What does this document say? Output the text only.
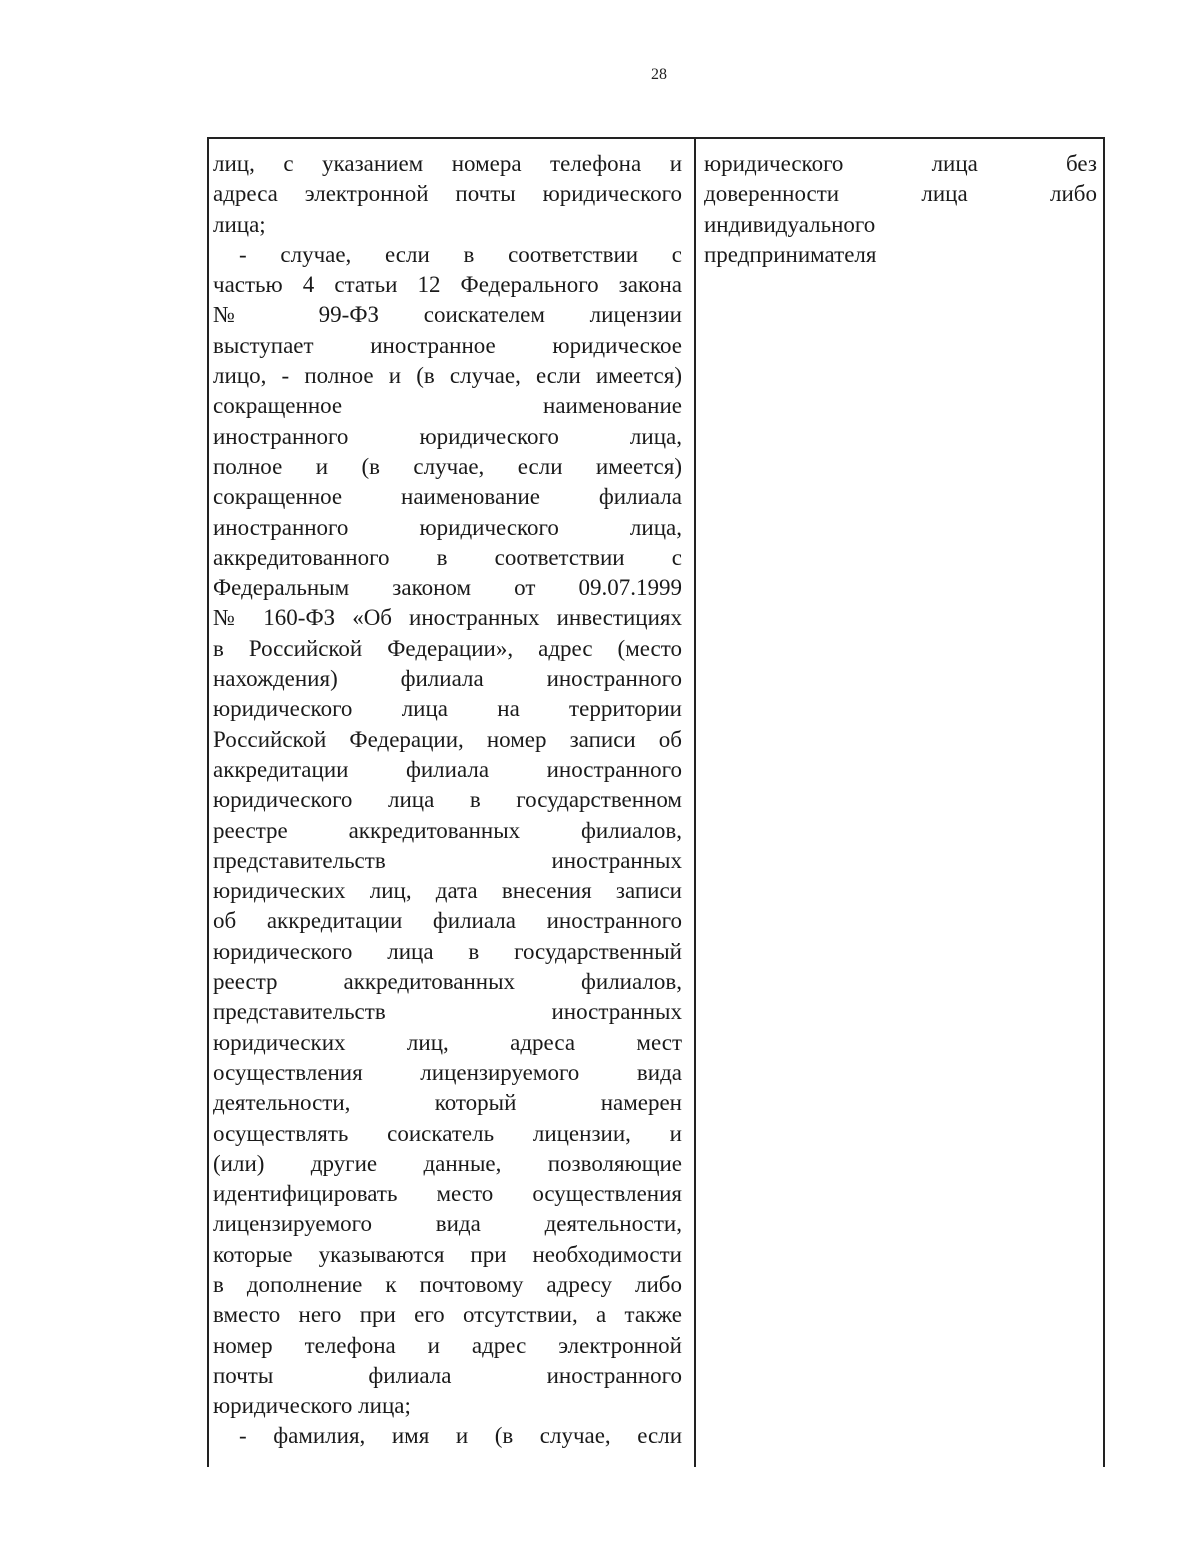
28
лиц, с указанием номера телефона и
адреса электронной почты юридического
лица;
- случае, если в соответствии с
частью 4 статьи 12 Федерального закона
№ 99-ФЗ соискателем лицензии
выступает иностранное юридическое
лицо, - полное и (в случае, если имеется)
сокращенное наименование
иностранного юридического лица,
полное и (в случае, если имеется)
сокращенное наименование филиала
иностранного юридического лица,
аккредитованного в соответствии с
Федеральным законом от 09.07.1999
№ 160-ФЗ «Об иностранных инвестициях
в Российской Федерации», адрес (место
нахождения) филиала иностранного
юридического лица на территории
Российской Федерации, номер записи об
аккредитации филиала иностранного
юридического лица в государственном
реестре аккредитованных филиалов,
представительств иностранных
юридических лиц, дата внесения записи
об аккредитации филиала иностранного
юридического лица в государственный
реестр аккредитованных филиалов,
представительств иностранных
юридических лиц, адреса мест
осуществления лицензируемого вида
деятельности, который намерен
осуществлять соискатель лицензии, и
(или) другие данные, позволяющие
идентифицировать место осуществления
лицензируемого вида деятельности,
которые указываются при необходимости
в дополнение к почтовому адресу либо
вместо него при его отсутствии, а также
номер телефона и адрес электронной
почты филиала иностранного
юридического лица;
- фамилия, имя и (в случае, если
юридического лица без
доверенности лица либо
индивидуального
предпринимателя
